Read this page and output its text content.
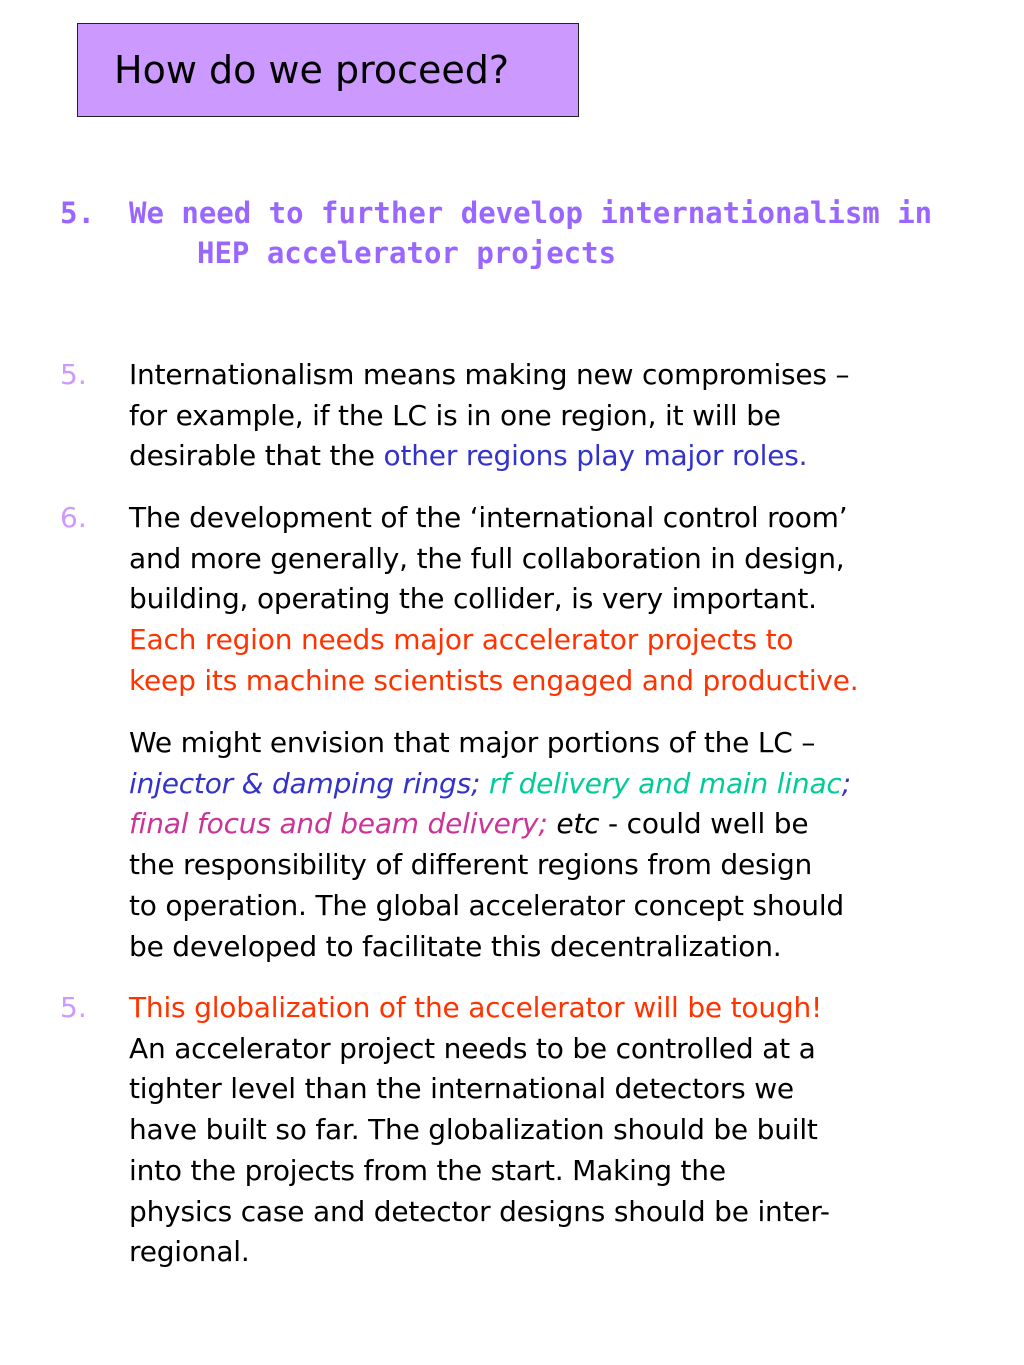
How do we proceed?
5. We need to further develop internationalism in
HEP accelerator projects
5. Internationalism means making new compromises –
for example, if the LC is in one region, it will be
desirable that the other regions play major roles.
6. The development of the ‘international control room’
and more generally, the full collaboration in design,
building, operating the collider, is very important.
Each region needs major accelerator projects to
keep its machine scientists engaged and productive.
We might envision that major portions of the LC –
injector & damping rings; rf delivery and main linac;
final focus and beam delivery; etc - could well be
the responsibility of different regions from design
to operation. The global accelerator concept should
be developed to facilitate this decentralization.
5. This globalization of the accelerator will be tough!
An accelerator project needs to be controlled at a
tighter level than the international detectors we
have built so far. The globalization should be built
into the projects from the start. Making the
physics case and detector designs should be inter-
regional.
